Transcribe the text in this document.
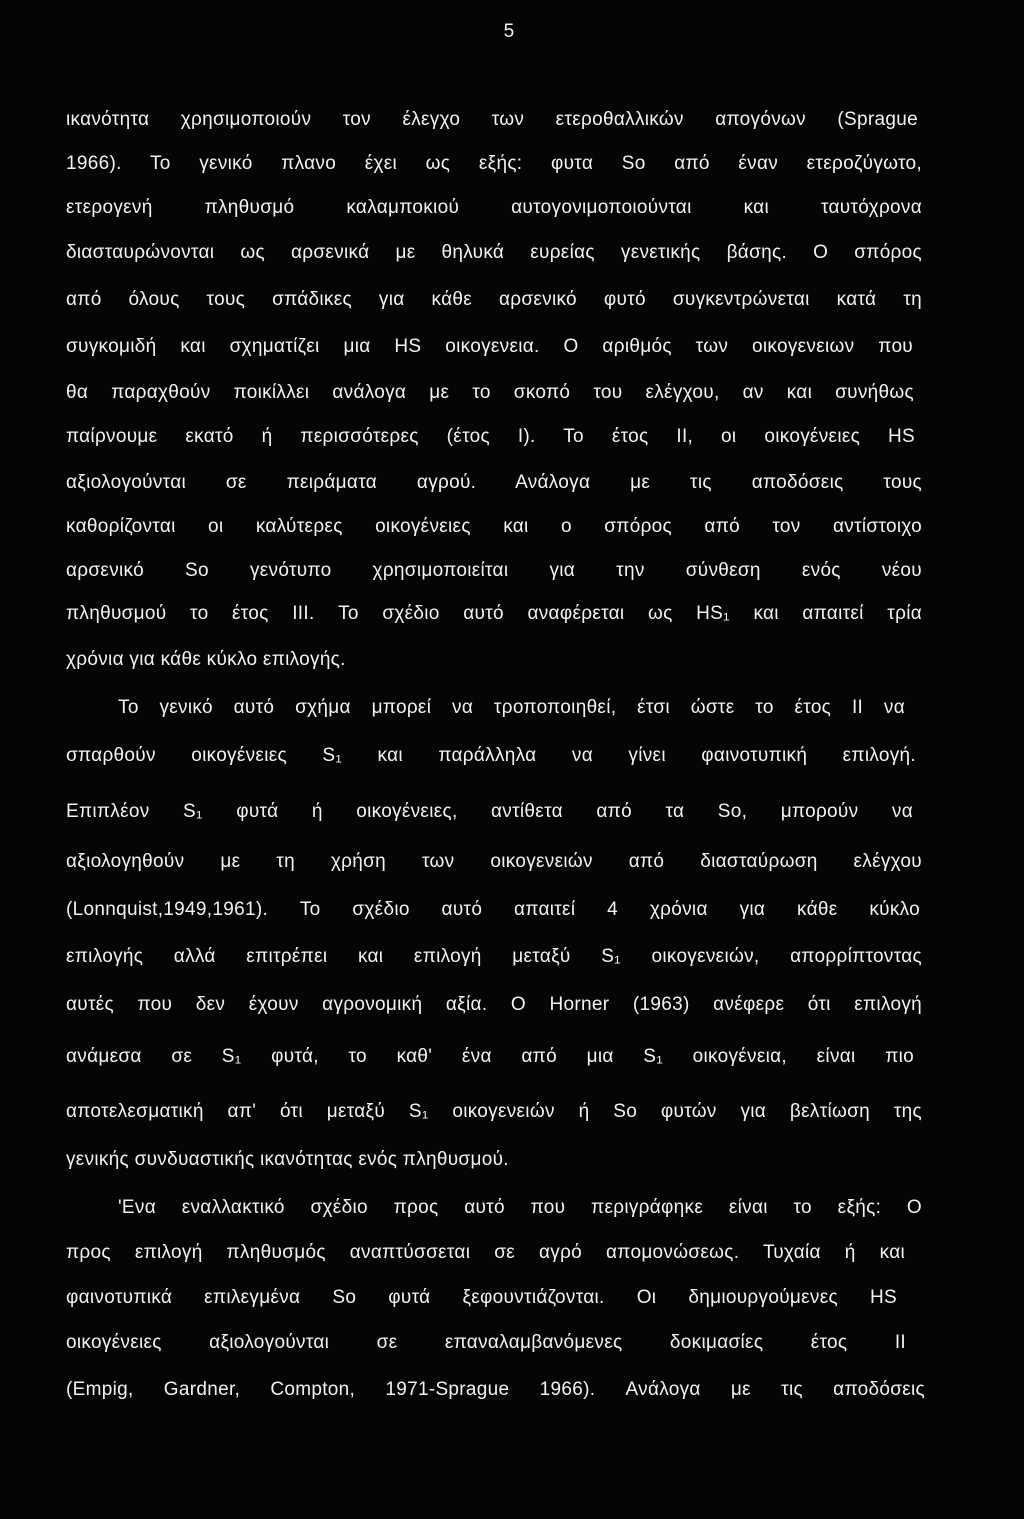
5
ικανότητα χρησιμοποιούν τον έλεγχο των ετεροθαλλικών απογόνων (Sprague
1966). Το γενικό πλανο έχει ως εξής: φυτα So από έναν ετεροζύγωτο,
ετερογενή πληθυσμό καλαμποκιού αυτογονιμοποιούνται και ταυτόχρονα
διασταυρώνονται ως αρσενικά με θηλυκά ευρείας γενετικής βάσης. Ο σπόρος
από όλους τους σπάδικες για κάθε αρσενικό φυτό συγκεντρώνεται κατά τη
συγκομιδή και σχηματίζει μια HS οικογενεια. Ο αριθμός των οικογενειων που
θα παραχθούν ποικίλλει ανάλογα με το σκοπό του ελέγχου, αν και συνήθως
παίρνουμε εκατό ή περισσότερες (έτος I). Το έτος II, οι οικογένειες HS
αξιολογούνται σε πειράματα αγρού. Ανάλογα με τις αποδόσεις τους
καθορίζονται οι καλύτερες οικογένειες και ο σπόρος από τον αντίστοιχο
αρσενικό So γενότυπο χρησιμοποιείται για την σύνθεση ενός νέου
πληθυσμού το έτος III. Το σχέδιο αυτό αναφέρεται ως HS₁ και απαιτεί τρία
χρόνια για κάθε κύκλο επιλογής.
Το γενικό αυτό σχήμα μπορεί να τροποποιηθεί, έτσι ώστε το έτος II να
σπαρθούν οικογένειες S₁ και παράλληλα να γίνει φαινοτυπική επιλογή.
Επιπλέον S₁ φυτά ή οικογένειες, αντίθετα από τα So, μπορούν να
αξιολογηθούν με τη χρήση των οικογενειών από διασταύρωση ελέγχου
(Lonnquist,1949,1961). Το σχέδιο αυτό απαιτεί 4 χρόνια για κάθε κύκλο
επιλογής αλλά επιτρέπει και επιλογή μεταξύ S₁ οικογενειών, απορρίπτοντας
αυτές που δεν έχουν αγρονομική αξία. Ο Horner (1963) ανέφερε ότι επιλογή
ανάμεσα σε S₁ φυτά, το καθ' ένα από μια S₁ οικογένεια, είναι πιο
αποτελεσματική απ' ότι μεταξύ S₁ οικογενειών ή So φυτών για βελτίωση της
γενικής συνδυαστικής ικανότητας ενός πληθυσμού.
'Ενα εναλλακτικό σχέδιο προς αυτό που περιγράφηκε είναι το εξής: Ο
προς επιλογή πληθυσμός αναπτύσσεται σε αγρό απομονώσεως. Τυχαία ή και
φαινοτυπικά επιλεγμένα So φυτά ξεφουντιάζονται. Οι δημιουργούμενες HS
οικογένειες αξιολογούνται σε επαναλαμβανόμενες δοκιμασίες έτος II
(Empig, Gardner, Compton, 1971-Sprague 1966). Ανάλογα με τις αποδόσεις
